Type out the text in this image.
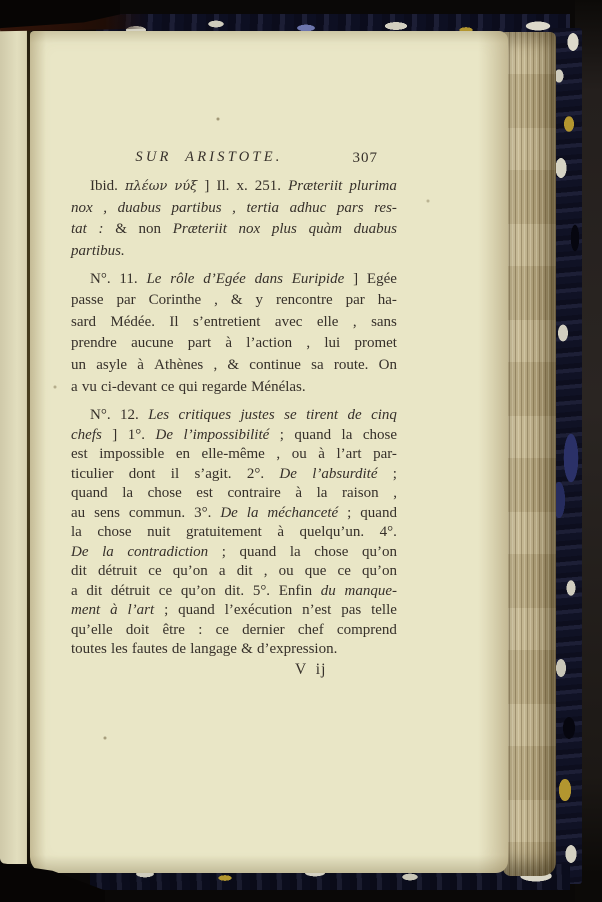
SUR ARISTOTE.	307
Ibid. πλέων νύξ ] Il. x. 251. Præteriit plurima
nox , duabus partibus , tertia adhuc pars res-
tat : & non Præteriit nox plus quàm duabus
partibus.
N°. 11. Le rôle d’Egée dans Euripide ] Egée
passe par Corinthe , & y rencontre par ha-
sard Médée. Il s’entretient avec elle , sans
prendre aucune part à l’action , lui promet
un asyle à Athènes , & continue sa route. On
a vu ci-devant ce qui regarde Ménélas.
N°. 12. Les critiques justes se tirent de cinq
chefs ] 1°. De l’impossibilité ; quand la chose
est impossible en elle-même , ou à l’art par-
ticulier dont il s’agit. 2°. De l’absurdité ;
quand la chose est contraire à la raison ,
au sens commun. 3°. De la méchanceté ; quand
la chose nuit gratuitement à quelqu’un. 4°.
De la contradiction ; quand la chose qu’on
dit détruit ce qu’on a dit , ou que ce qu’on
a dit détruit ce qu’on dit. 5°. Enfin du manque-
ment à l’art ; quand l’exécution n’est pas telle
qu’elle doit être : ce dernier chef comprend
toutes les fautes de langage & d’expression.
V ij
